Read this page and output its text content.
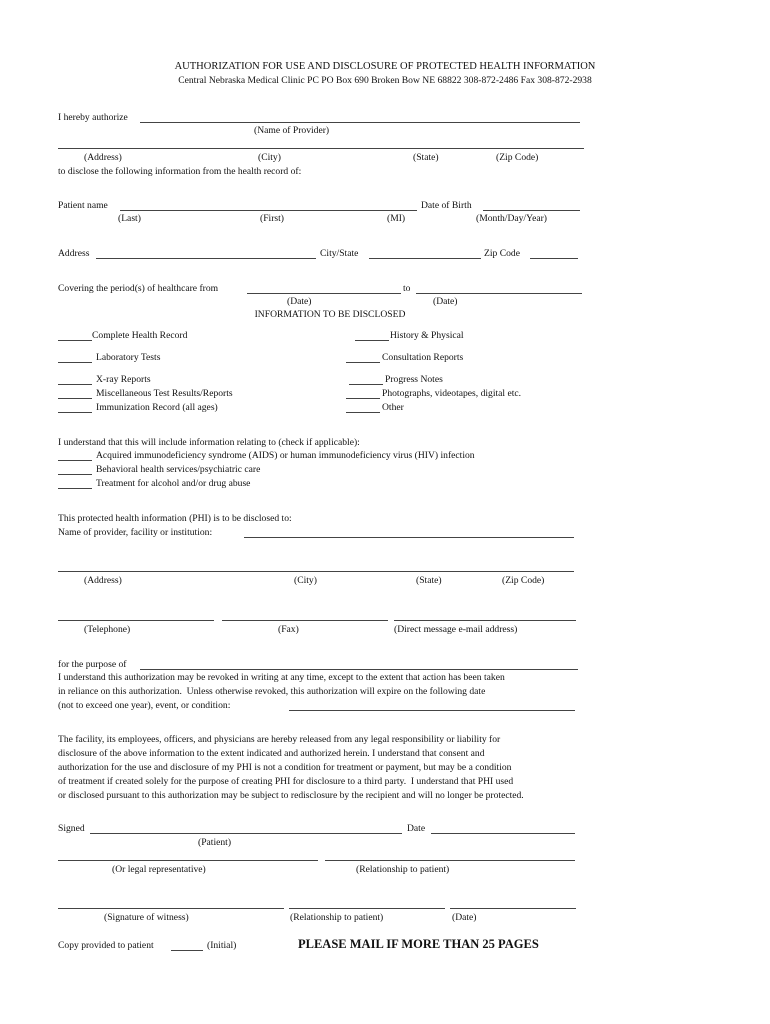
AUTHORIZATION FOR USE AND DISCLOSURE OF PROTECTED HEALTH INFORMATION
Central Nebraska Medical Clinic PC PO Box 690 Broken Bow NE 68822 308-872-2486 Fax 308-872-2938
I hereby authorize
(Name of Provider)
(Address)	(City)	(State)	(Zip Code)
to disclose the following information from the health record of:
Patient name	Date of Birth
(Last)	(First)	(MI)	(Month/Day/Year)
Address	City/State	Zip Code
Covering the period(s) of healthcare from	to
(Date)	(Date)
INFORMATION TO BE DISCLOSED
Complete Health Record	History & Physical
Laboratory Tests	Consultation Reports
X-ray Reports	Progress Notes
Miscellaneous Test Results/Reports	Photographs, videotapes, digital etc.
Immunization Record (all ages)	Other
I understand that this will include information relating to (check if applicable):
Acquired immunodeficiency syndrome (AIDS) or human immunodeficiency virus (HIV) infection
Behavioral health services/psychiatric care
Treatment for alcohol and/or drug abuse
This protected health information (PHI) is to be disclosed to:
Name of provider, facility or institution:
(Address)	(City)	(State)	(Zip Code)
(Telephone)	(Fax)	(Direct message e-mail address)
for the purpose of
I understand this authorization may be revoked in writing at any time, except to the extent that action has been taken
in reliance on this authorization.  Unless otherwise revoked, this authorization will expire on the following date
(not to exceed one year), event, or condition:
The facility, its employees, officers, and physicians are hereby released from any legal responsibility or liability for
disclosure of the above information to the extent indicated and authorized herein. I understand that consent and
authorization for the use and disclosure of my PHI is not a condition for treatment or payment, but may be a condition
of treatment if created solely for the purpose of creating PHI for disclosure to a third party.  I understand that PHI used
or disclosed pursuant to this authorization may be subject to redisclosure by the recipient and will no longer be protected.
Signed	Date
(Patient)
(Or legal representative)	(Relationship to patient)
(Signature of witness)	(Relationship to patient)	(Date)
Copy provided to patient	(Initial)	PLEASE MAIL IF MORE THAN 25 PAGES
